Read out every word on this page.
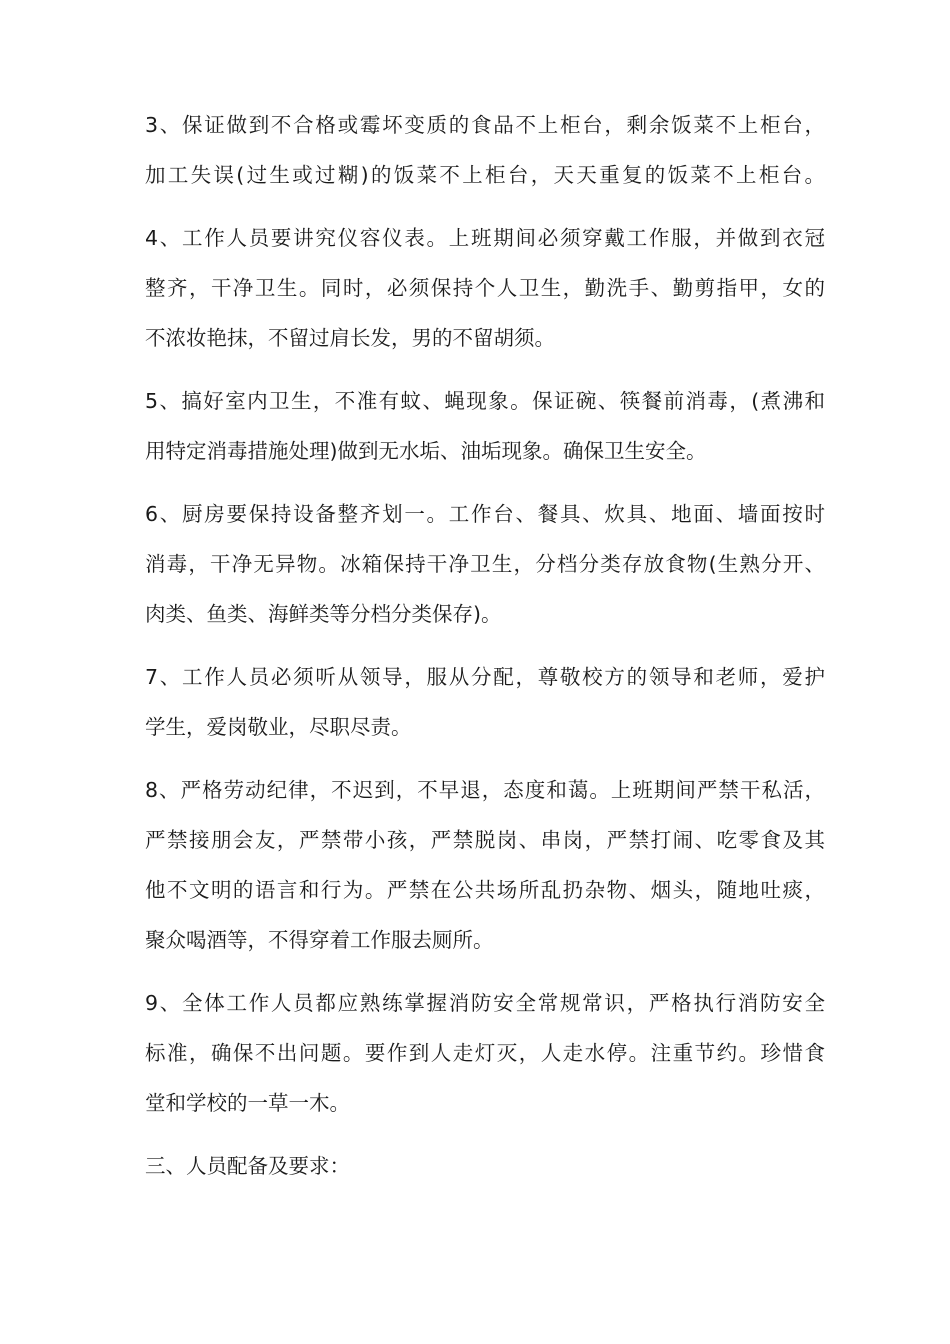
3、保证做到不合格或霉坏变质的食品不上柜台，剩余饭菜不上柜台，
加工失误(过生或过糊)的饭菜不上柜台，天天重复的饭菜不上柜台。
4、工作人员要讲究仪容仪表。上班期间必须穿戴工作服，并做到衣冠
整齐，干净卫生。同时，必须保持个人卫生，勤洗手、勤剪指甲，女的
不浓妆艳抹，不留过肩长发，男的不留胡须。
5、搞好室内卫生，不准有蚊、蝇现象。保证碗、筷餐前消毒，(煮沸和
用特定消毒措施处理)做到无水垢、油垢现象。确保卫生安全。
6、厨房要保持设备整齐划一。工作台、餐具、炊具、地面、墙面按时
消毒，干净无异物。冰箱保持干净卫生，分档分类存放食物(生熟分开、
肉类、鱼类、海鲜类等分档分类保存)。
7、工作人员必须听从领导，服从分配，尊敬校方的领导和老师，爱护
学生，爱岗敬业，尽职尽责。
8、严格劳动纪律，不迟到，不早退，态度和蔼。上班期间严禁干私活，
严禁接朋会友，严禁带小孩，严禁脱岗、串岗，严禁打闹、吃零食及其
他不文明的语言和行为。严禁在公共场所乱扔杂物、烟头，随地吐痰，
聚众喝酒等，不得穿着工作服去厕所。
9、全体工作人员都应熟练掌握消防安全常规常识，严格执行消防安全
标准，确保不出问题。要作到人走灯灭，人走水停。注重节约。珍惜食
堂和学校的一草一木。
三、人员配备及要求：
